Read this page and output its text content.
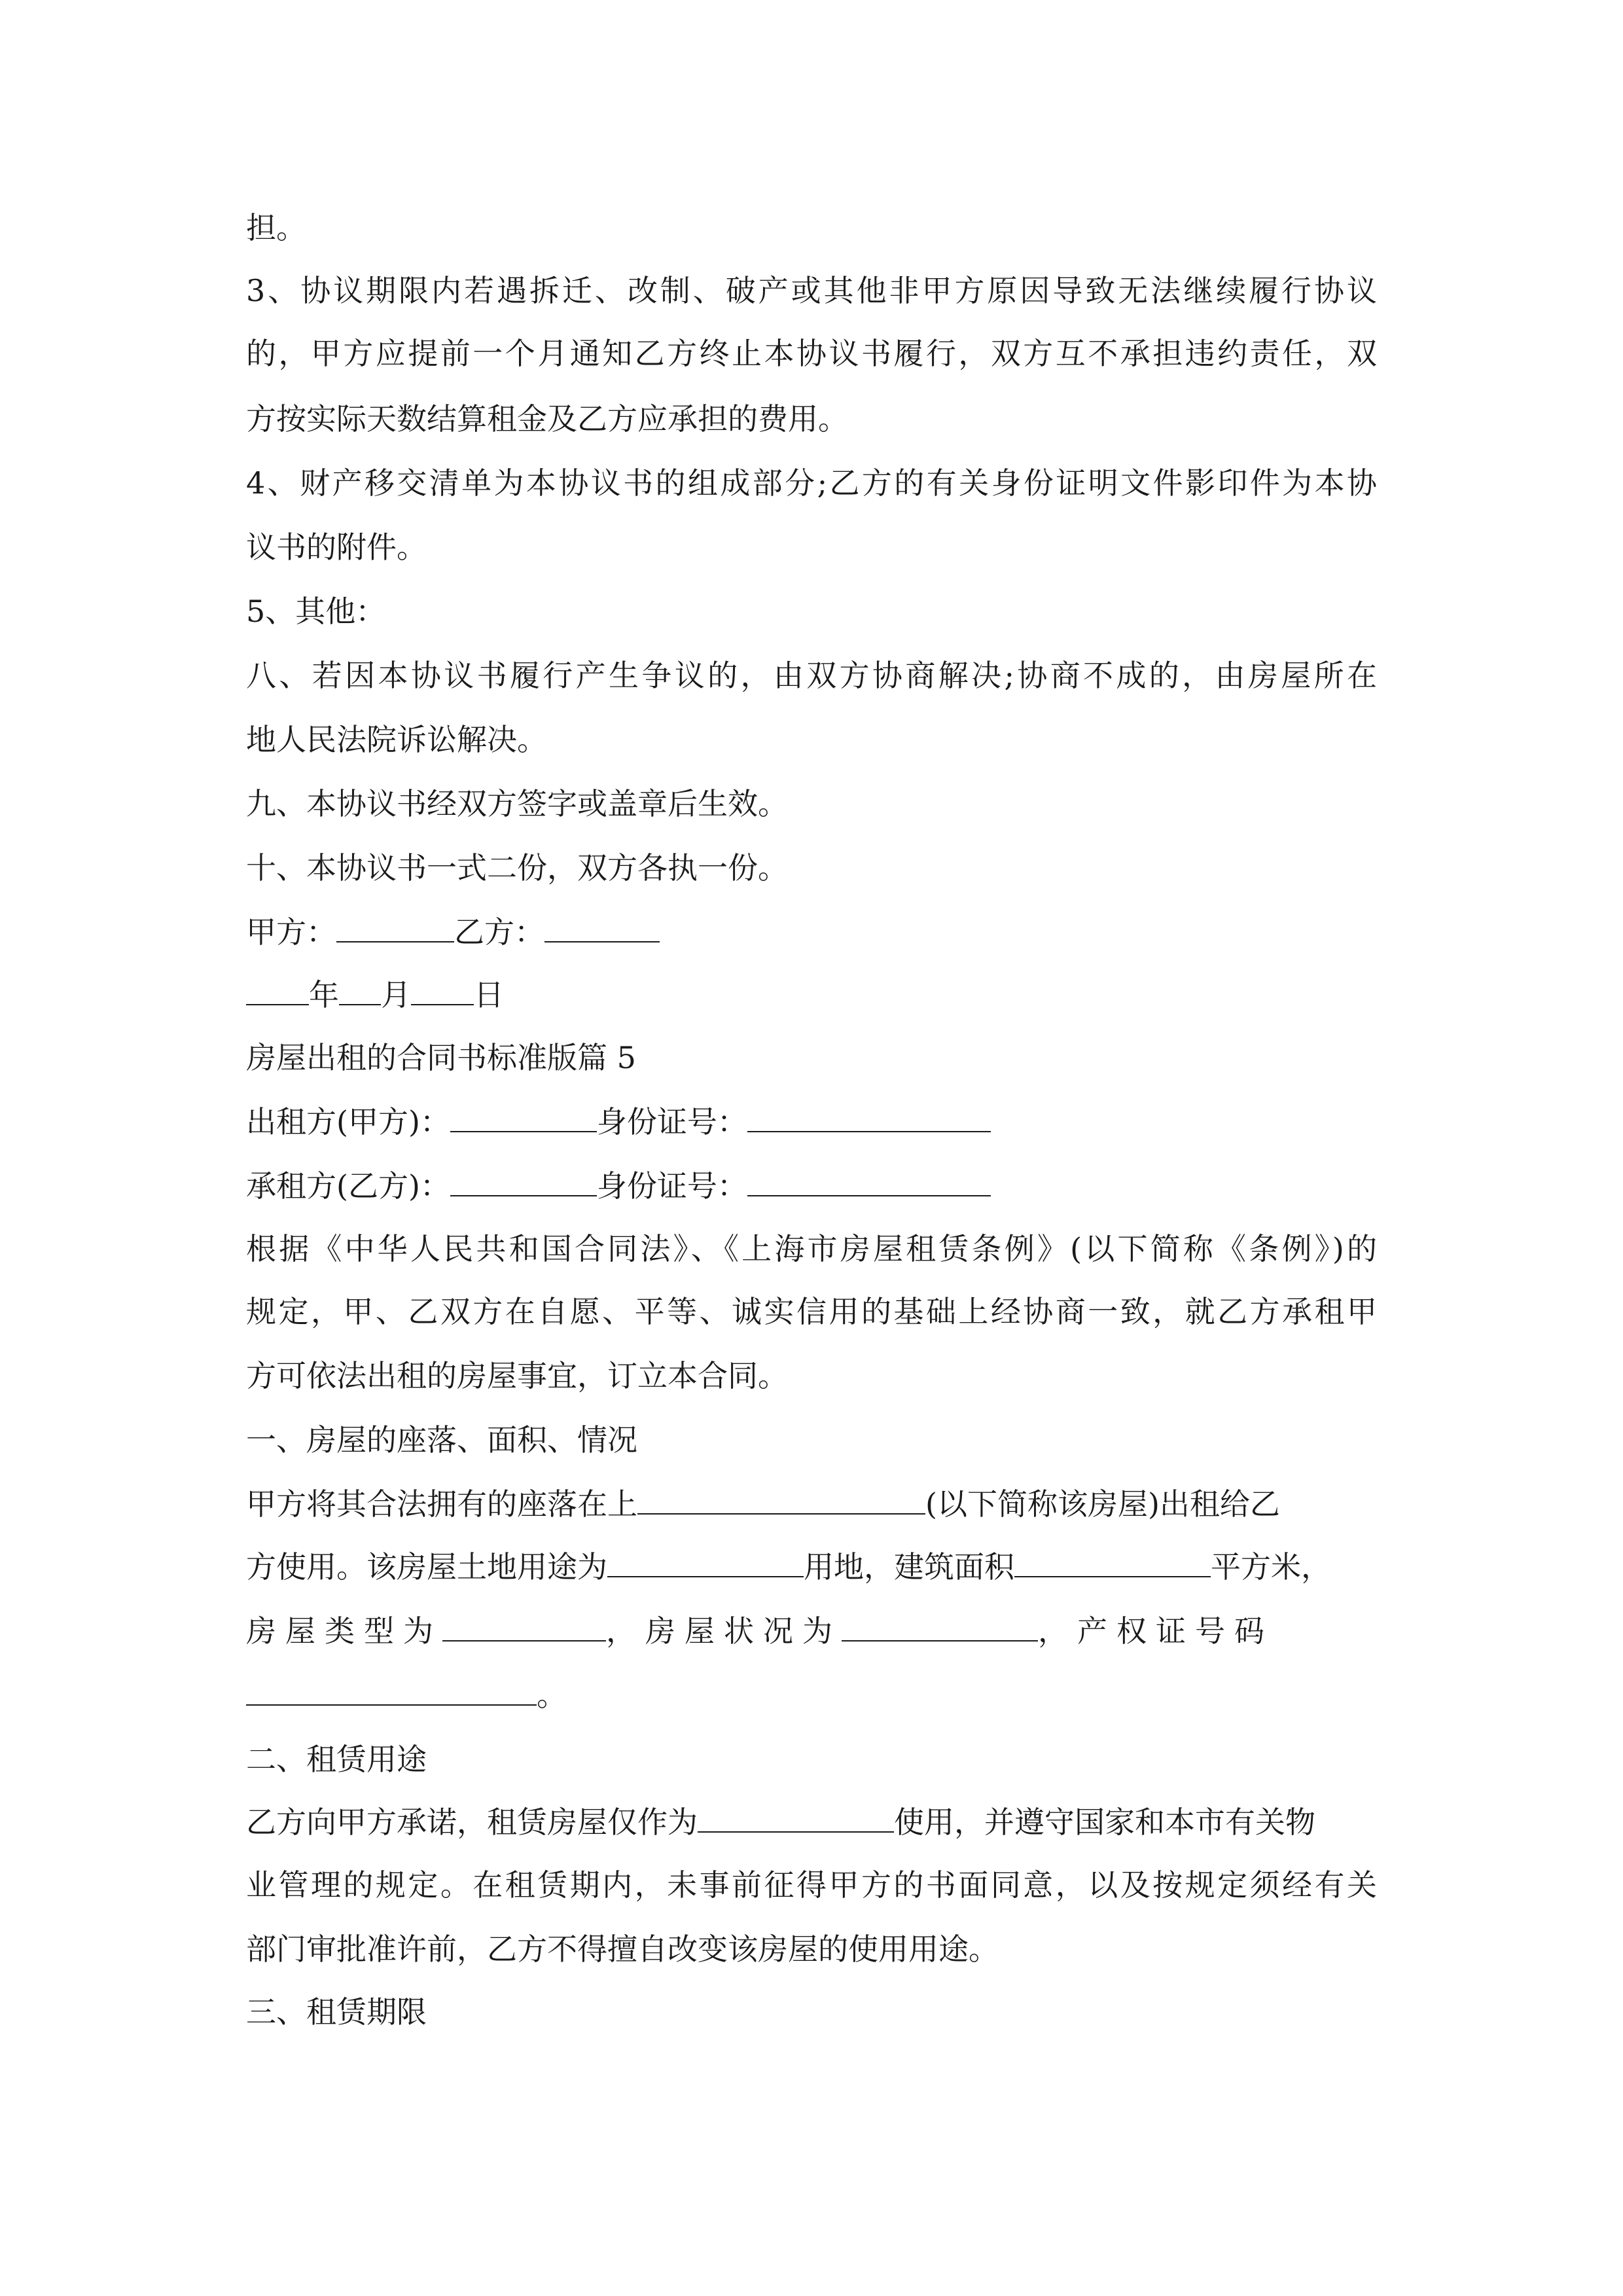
担。

3、协议期限内若遇拆迁、改制、破产或其他非甲方原因导致无法继续履行协议

的，甲方应提前一个月通知乙方终止本协议书履行，双方互不承担违约责任，双

方按实际天数结算租金及乙方应承担的费用。

4、财产移交清单为本协议书的组成部分;乙方的有关身份证明文件影印件为本协

议书的附件。

5、其他：

八、若因本协议书履行产生争议的，由双方协商解决;协商不成的，由房屋所在

地人民法院诉讼解决。

九、本协议书经双方签字或盖章后生效。

十、本协议书一式二份，双方各执一份。

甲方：	乙方：

年 月 日

房屋出租的合同书标准版篇 5

出租方(甲方)：	身份证号：

承租方(乙方)：	身份证号：

根据《中华人民共和国合同法》、《上海市房屋租赁条例》(以下简称《条例》)的

规定，甲、乙双方在自愿、平等、诚实信用的基础上经协商一致，就乙方承租甲

方可依法出租的房屋事宜，订立本合同。

一、房屋的座落、面积、情况

甲方将其合法拥有的座落在上	(以下简称该房屋)出租给乙

方使用。该房屋土地用途为	用地，建筑面积	平方米，

房屋类型为	，房屋状况为	，产权证号码

。

二、租赁用途

乙方向甲方承诺，租赁房屋仅作为	使用，并遵守国家和本市有关物

业管理的规定。在租赁期内，未事前征得甲方的书面同意，以及按规定须经有关

部门审批准许前，乙方不得擅自改变该房屋的使用用途。

三、租赁期限
